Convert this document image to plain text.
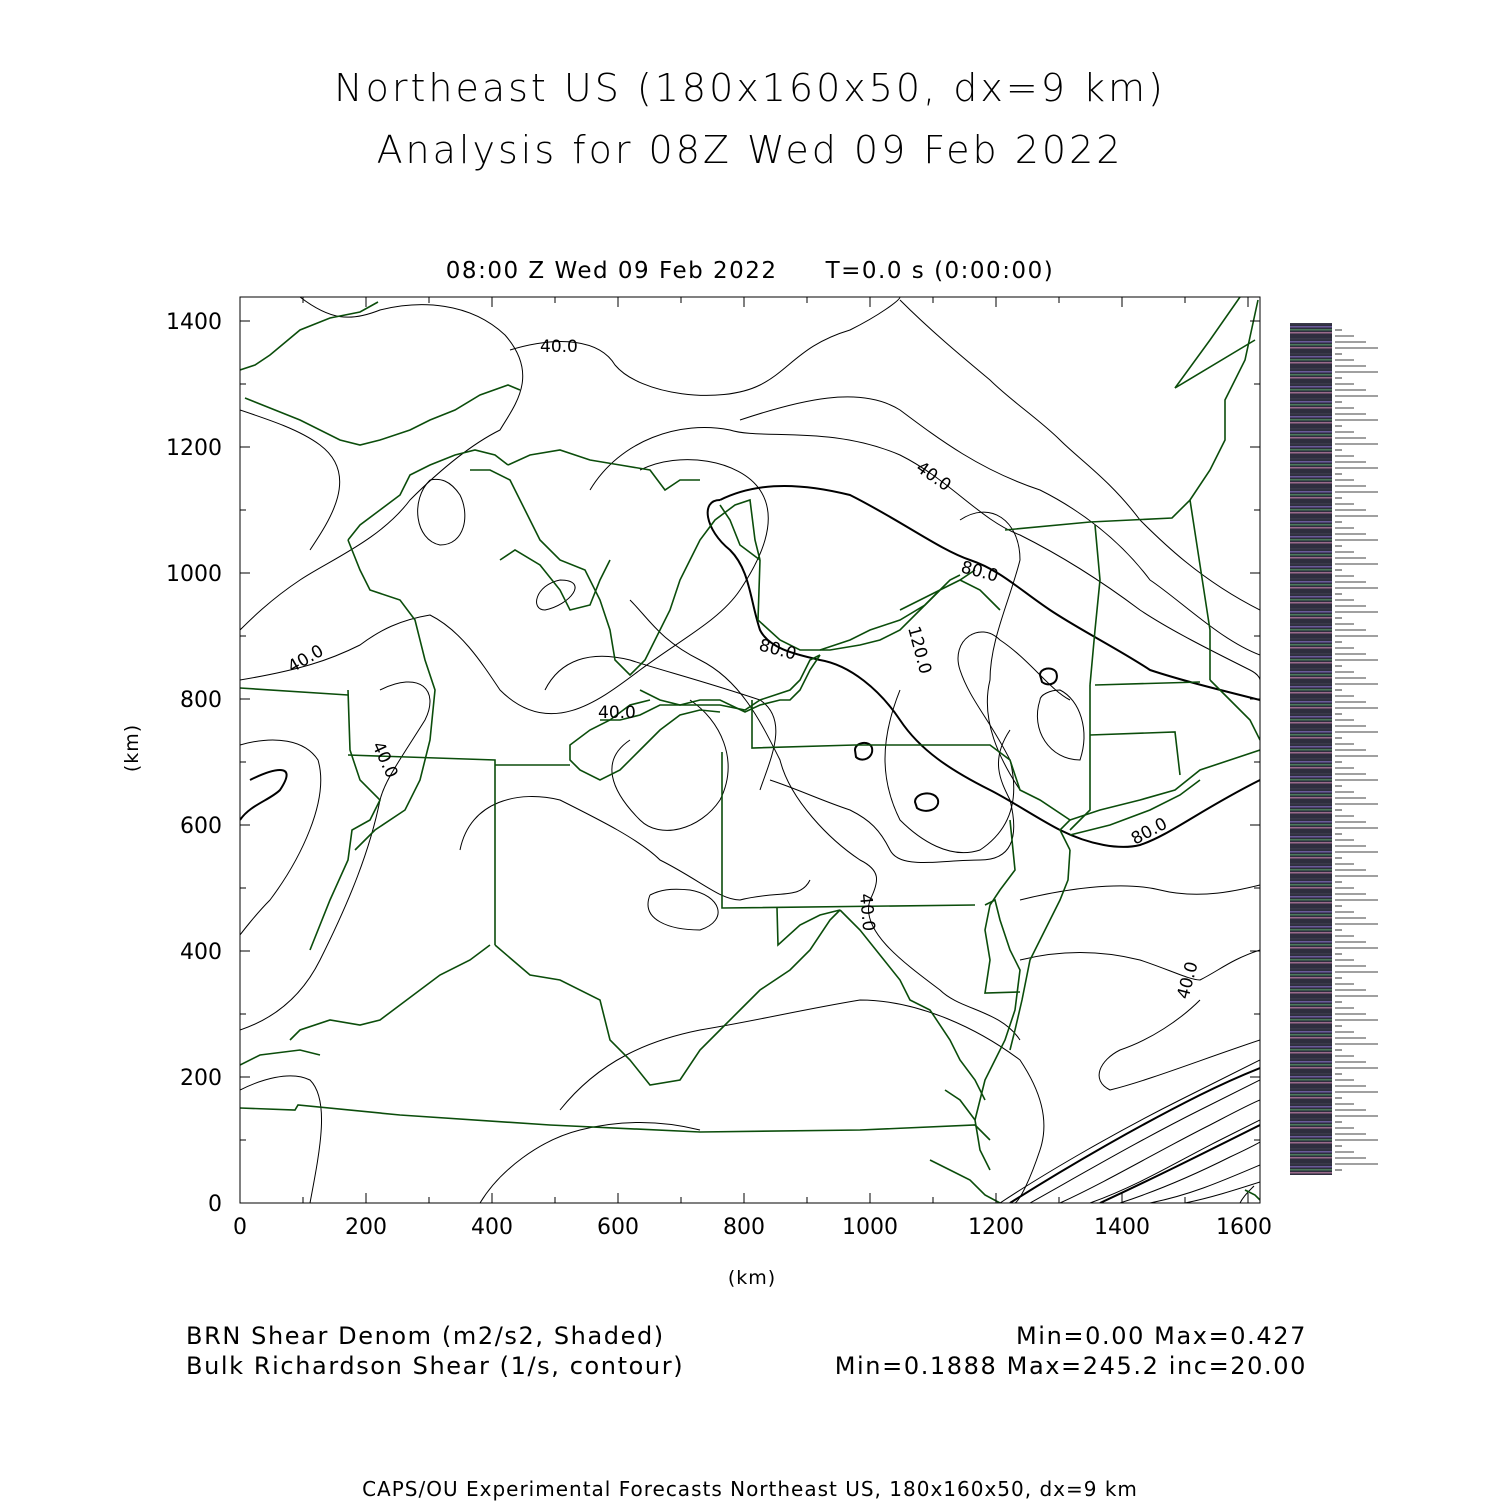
Northeast US (180x160x50, dx=9 km)
Analysis for 08Z Wed 09 Feb 2022
08:00 Z Wed 09 Feb 2022 T=0.0 s (0:00:00)
40.0
40.0
40.0
40.0
40.0
40.0
40.0
80.0
80.0
80.0
120.0
0	200	400	600	800	1000	1200	1400	1600
0
200
400
600
800
1000
1200
1400
(km)
(km)
BRN Shear Denom (m2/s2, Shaded)
Bulk Richardson Shear (1/s, contour)
Min=0.00 Max=0.427
Min=0.1888 Max=245.2 inc=20.00
CAPS/OU Experimental Forecasts Northeast US, 180x160x50, dx=9 km
